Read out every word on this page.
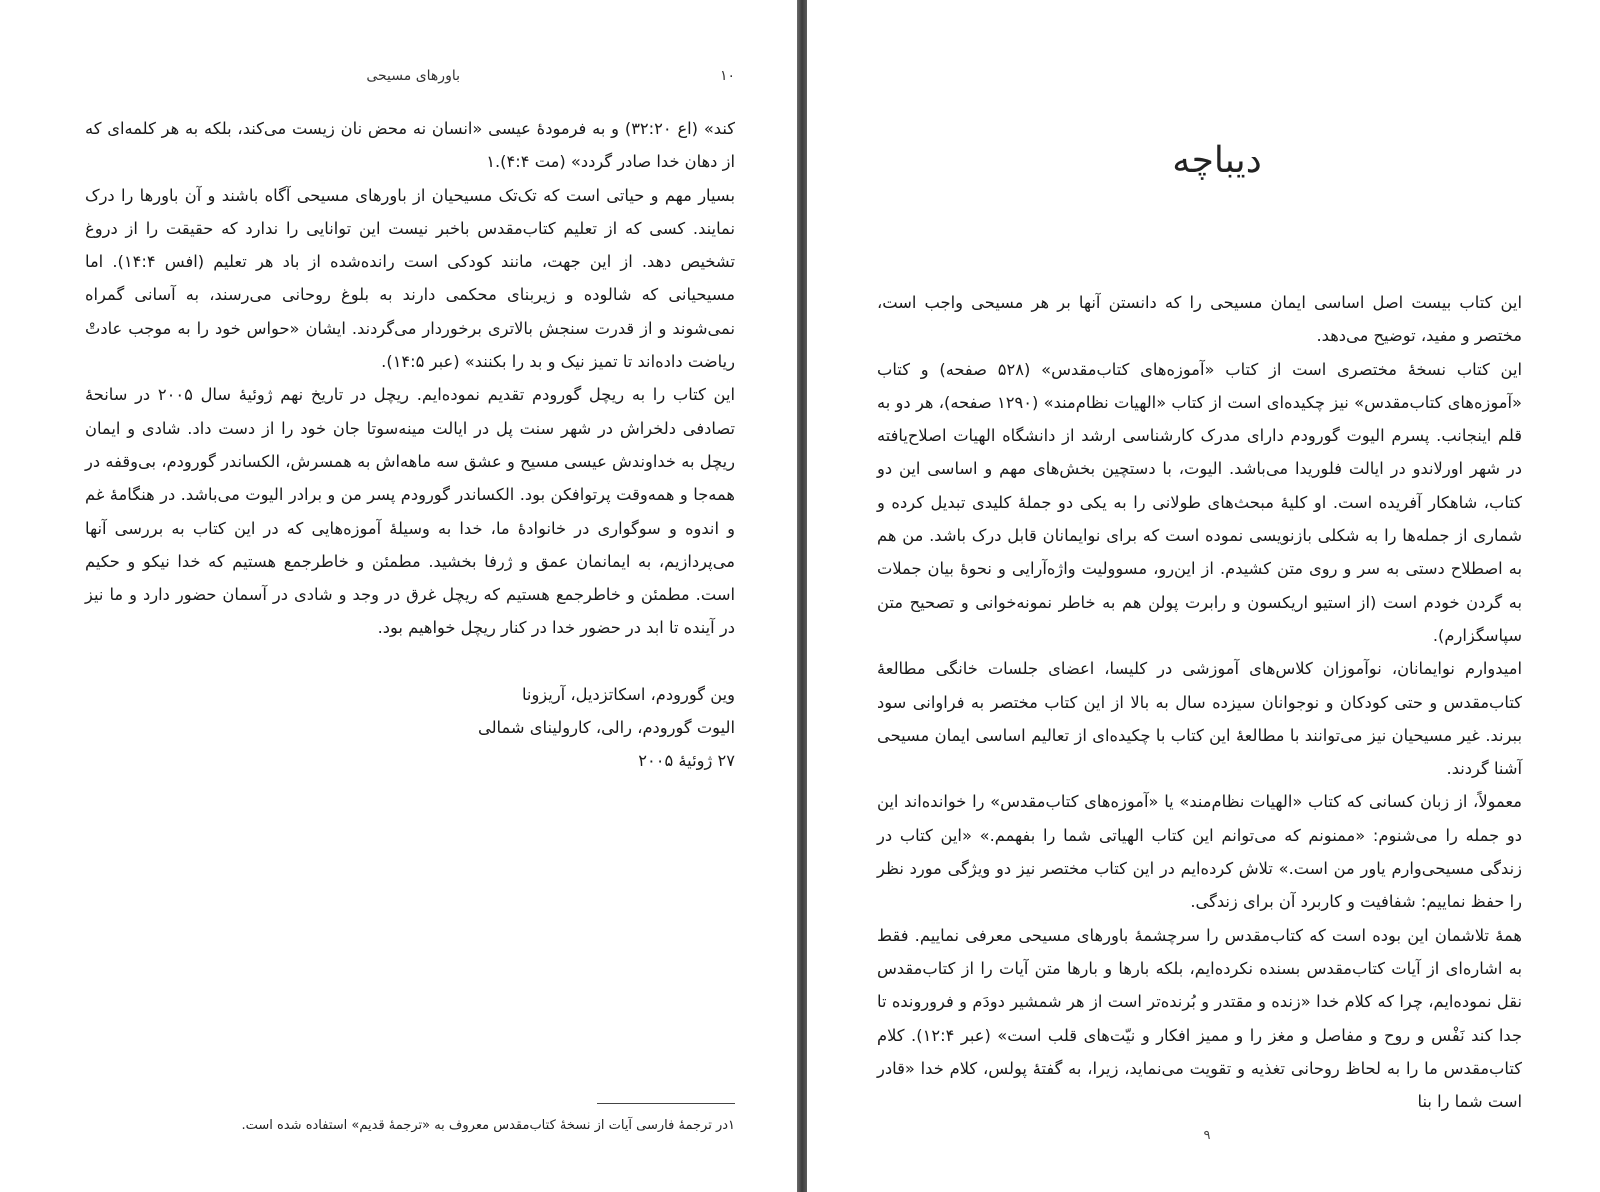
باورهای مسیحی	۱۰

کند» (اع ۳۲:۲۰) و به فرمودهٔ عیسی «انسان نه محض نان زیست می‌کند، بلکه به هر کلمه‌ای که از دهان خدا صادر گردد» (مت ۴:۴).۱

بسیار مهم و حیاتی است که تک‌تک مسیحیان از باورهای مسیحی آگاه باشند و آن باورها را درک نمایند. کسی که از تعلیم کتاب‌مقدس باخبر نیست این توانایی را ندارد که حقیقت را از دروغ تشخیص دهد. از این جهت، مانند کودکی است رانده‌شده از باد هر تعلیم (افس ۱۴:۴). اما مسیحیانی که شالوده و زیربنای محکمی دارند به بلوغ روحانی می‌رسند، به آسانی گمراه نمی‌شوند و از قدرت سنجش بالاتری برخوردار می‌گردند. ایشان «حواس خود را به موجب عادتْ ریاضت داده‌اند تا تمیز نیک و بد را بکنند» (عبر ۱۴:۵).

این کتاب را به ریچل گورودم تقدیم نموده‌ایم. ریچل در تاریخ نهم ژوئیهٔ سال ۲۰۰۵ در سانحهٔ تصادفی دلخراش در شهر سنت پل در ایالت مینه‌سوتا جان خود را از دست داد. شادی و ایمان ریچل به خداوندش عیسی مسیح و عشق سه ماهه‌اش به همسرش، الکساندر گورودم، بی‌وقفه در همه‌جا و همه‌وقت پرتوافکن بود. الکساندر گورودم پسر من و برادر الیوت می‌باشد. در هنگامهٔ غم و اندوه و سوگواری در خانوادهٔ ما، خدا به وسیلهٔ آموزه‌هایی که در این کتاب به بررسی آنها می‌پردازیم، به ایمانمان عمق و ژرفا بخشید. مطمئن و خاطرجمع هستیم که خدا نیکو و حکیم است. مطمئن و خاطرجمع هستیم که ریچل غرق در وجد و شادی در آسمان حضور دارد و ما نیز در آینده تا ابد در حضور خدا در کنار ریچل خواهیم بود.

وین گورودم، اسکاتزدیل، آریزونا

الیوت گورودم، رالی، کارولینای شمالی

۲۷ ژوئیهٔ ۲۰۰۵

۱در ترجمهٔ فارسی آیات از نسخهٔ کتاب‌مقدس معروف به «ترجمهٔ قدیم» استفاده شده است.
دیباچه

این کتاب بیست اصل اساسی ایمان مسیحی را که دانستن آنها بر هر مسیحی واجب است، مختصر و مفید، توضیح می‌دهد.

این کتاب نسخهٔ مختصری است از کتاب «آموزه‌های کتاب‌مقدس» (۵۲۸ صفحه) و کتاب «آموزه‌های کتاب‌مقدس» نیز چکیده‌ای است از کتاب «الهیات نظام‌مند» (۱۲۹۰ صفحه)، هر دو به قلم اینجانب. پسرم الیوت گورودم دارای مدرک کارشناسی ارشد از دانشگاه الهیات اصلاح‌یافته در شهر اورلاندو در ایالت فلوریدا می‌باشد. الیوت، با دستچین بخش‌های مهم و اساسی این دو کتاب، شاهکار آفریده است. او کلیهٔ مبحث‌های طولانی را به یکی دو جملهٔ کلیدی تبدیل کرده و شماری از جمله‌ها را به شکلی بازنویسی نموده است که برای نوایمانان قابل درک باشد. من هم به اصطلاح دستی به سر و روی متن کشیدم. از این‌رو، مسوولیت واژه‌آرایی و نحوهٔ بیان جملات به گردن خودم است (از استیو اریکسون و رابرت پولن هم به خاطر نمونه‌خوانی و تصحیح متن سپاسگزارم).

امیدوارم نوایمانان، نوآموزان کلاس‌های آموزشی در کلیسا، اعضای جلسات خانگی مطالعهٔ کتاب‌مقدس و حتی کودکان و نوجوانان سیزده سال به بالا از این کتاب مختصر به فراوانی سود ببرند. غیر مسیحیان نیز می‌توانند با مطالعهٔ این کتاب با چکیده‌ای از تعالیم اساسی ایمان مسیحی آشنا گردند.

معمولاً، از زبان کسانی که کتاب «الهیات نظام‌مند» یا «آموزه‌های کتاب‌مقدس» را خوانده‌اند این دو جمله را می‌شنوم: «ممنونم که می‌توانم این کتاب الهیاتی شما را بفهمم.» «این کتاب در زندگی مسیحی‌وارم یاور من است.» تلاش کرده‌ایم در این کتاب مختصر نیز دو ویژگی مورد نظر را حفظ نماییم: شفافیت و کاربرد آن برای زندگی.

همهٔ تلاشمان این بوده است که کتاب‌مقدس را سرچشمهٔ باورهای مسیحی معرفی نماییم. فقط به اشاره‌ای از آیات کتاب‌مقدس بسنده نکرده‌ایم، بلکه بارها و بارها متن آیات را از کتاب‌مقدس نقل نموده‌ایم، چرا که کلام خدا «زنده و مقتدر و بُرنده‌تر است از هر شمشیر دودَم و فرورونده تا جدا کند نَفْس و روح و مفاصل و مغز را و ممیز افکار و نیّت‌های قلب است» (عبر ۱۲:۴). کلام کتاب‌مقدس ما را به لحاظ روحانی تغذیه و تقویت می‌نماید، زیرا، به گفتهٔ پولس، کلام خدا «قادر است شما را بنا

۹
